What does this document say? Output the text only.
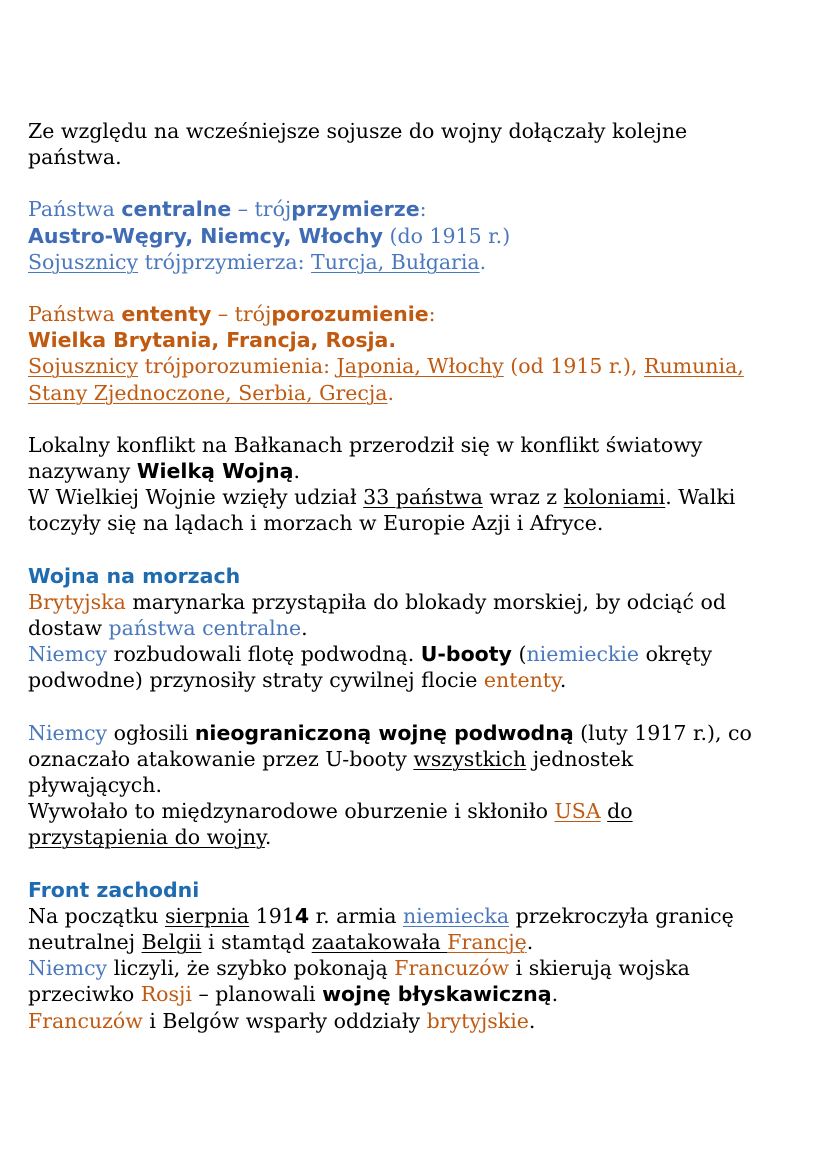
Ze względu na wcześniejsze sojusze do wojny dołączały kolejne państwa.

Państwa centralne – trójprzymierze:

Austro-Węgry, Niemcy, Włochy (do 1915 r.)

Sojusznicy trójprzymierza: Turcja, Bułgaria.

Państwa ententy – trójporozumienie:

Wielka Brytania, Francja, Rosja.

Sojusznicy trójporozumienia: Japonia, Włochy (od 1915 r.), Rumunia,

Stany Zjednoczone, Serbia, Grecja.

Lokalny konflikt na Bałkanach przerodził się w konflikt światowy

nazywany Wielką Wojną.

W Wielkiej Wojnie wzięły udział 33 państwa wraz z koloniami. Walki

toczyły się na lądach i morzach w Europie Azji i Afryce.

Wojna na morzach

Brytyjska marynarka przystąpiła do blokady morskiej, by odciąć od

dostaw państwa centralne.

Niemcy rozbudowali flotę podwodną. U-booty (niemieckie okręty

podwodne) przynosiły straty cywilnej flocie ententy.

Niemcy ogłosili nieograniczoną wojnę podwodną (luty 1917 r.), co

oznaczało atakowanie przez U-booty wszystkich jednostek

pływających.

Wywołało to międzynarodowe oburzenie i skłoniło USA do

przystąpienia do wojny.

Front zachodni

Na początku sierpnia 1914 r. armia niemiecka przekroczyła granicę

neutralnej Belgii i stamtąd zaatakowała Francję.

Niemcy liczyli, że szybko pokonają Francuzów i skierują wojska

przeciwko Rosji – planowali wojnę błyskawiczną.

Francuzów i Belgów wsparły oddziały brytyjskie.
